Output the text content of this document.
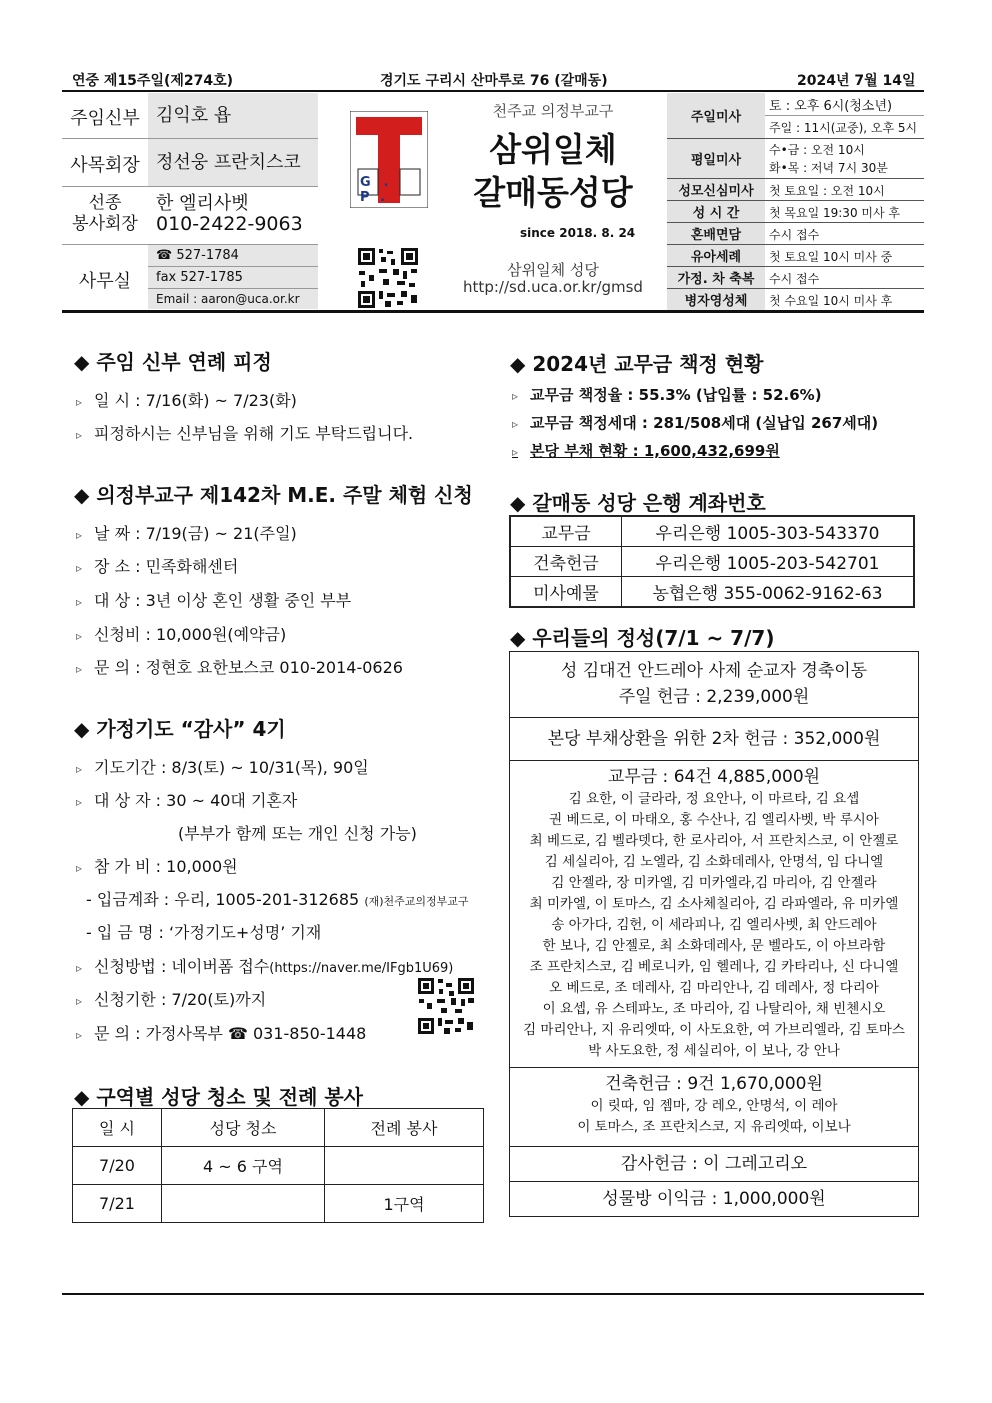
연중 제15주일(제274호)	경기도 구리시 산마루로 76 (갈매동)	2024년 7월 14일
주임신부 김익호 욥
사목회장 정선웅 프란치스코
선종
봉사회장
한 엘리사벳
010-2422-9063
사무실
☎ 527-1784
fax 527-1785
Email : aaron@uca.or.kr
G. P.
천주교 의정부교구
삼위일체
갈매동성당
since 2018. 8. 24
삼위일체 성당
http://sd.uca.or.kr/gmsd
주일미사
토 : 오후 6시(청소년)
주일 : 11시(교중), 오후 5시
평일미사
수•금 : 오전 10시
화•목 : 저녁 7시 30분
성모신심미사	첫 토요일 : 오전 10시
성 시 간	첫 목요일 19:30 미사 후
혼배면담	수시 접수
유아세례	첫 토요일 10시 미사 중
가정. 차 축복	수시 접수
병자영성체	첫 수요일 10시 미사 후
◆ 주임 신부 연례 피정
▹ 일 시 : 7/16(화) ~ 7/23(화)
▹ 피정하시는 신부님을 위해 기도 부탁드립니다.
◆ 의정부교구 제142차 M.E. 주말 체험 신청
▹ 날 짜 : 7/19(금) ~ 21(주일)
▹ 장 소 : 민족화해센터
▹ 대 상 : 3년 이상 혼인 생활 중인 부부
▹ 신청비 : 10,000원(예약금)
▹ 문 의 : 정현호 요한보스코 010-2014-0626
◆ 가정기도 “감사” 4기
▹ 기도기간 : 8/3(토) ~ 10/31(목), 90일
▹ 대 상 자 : 30 ~ 40대 기혼자
(부부가 함께 또는 개인 신청 가능)
▹ 참 가 비 : 10,000원
- 입금계좌 : 우리, 1005-201-312685 (재)천주교의정부교구
- 입 금 명 : ‘가정기도+성명’ 기재
▹ 신청방법 : 네이버폼 접수(https://naver.me/IFgb1U69)
▹ 신청기한 : 7/20(토)까지
▹ 문 의 : 가정사목부 ☎ 031-850-1448
◆ 구역별 성당 청소 및 전례 봉사
일 시	성당 청소	전례 봉사
7/20	4 ~ 6 구역	
7/21		1구역
◆ 2024년 교무금 책정 현황
▹ 교무금 책정율 : 55.3% (납입률 : 52.6%)
▹ 교무금 책정세대 : 281/508세대 (실납입 267세대)
▹ 본당 부채 현황 : 1,600,432,699원
◆ 갈매동 성당 은행 계좌번호
교무금	우리은행 1005-303-543370
건축헌금	우리은행 1005-203-542701
미사예물	농협은행 355-0062-9162-63
◆ 우리들의 정성(7/1 ~ 7/7)
성 김대건 안드레아 사제 순교자 경축이동
주일 헌금 : 2,239,000원
본당 부채상환을 위한 2차 헌금 : 352,000원
교무금 : 64건 4,885,000원
김 요한, 이 글라라, 정 요안나, 이 마르타, 김 요셉
권 베드로, 이 마태오, 홍 수산나, 김 엘리사벳, 박 루시아
최 베드로, 김 벨라뎃다, 한 로사리아, 서 프란치스코, 이 안젤로
김 세실리아, 김 노엘라, 김 소화데레사, 안명석, 임 다니엘
김 안젤라, 장 미카엘, 김 미카엘라,김 마리아, 김 안젤라
최 미카엘, 이 토마스, 김 소사체칠리아, 김 라파엘라, 유 미카엘
송 아가다, 김헌, 이 세라피나, 김 엘리사벳, 최 안드레아
한 보나, 김 안젤로, 최 소화데레사, 문 벨라도, 이 아브라함
조 프란치스코, 김 베로니카, 임 헬레나, 김 카타리나, 신 다니엘
오 베드로, 조 데레사, 김 마리안나, 김 데레사, 정 다리아
이 요셉, 유 스테파노, 조 마리아, 김 나탈리아, 채 빈첸시오
김 마리안나, 지 유리엣따, 이 사도요한, 여 가브리엘라, 김 토마스
박 사도요한, 정 세실리아, 이 보나, 강 안나
건축헌금 : 9건 1,670,000원
이 릿따, 임 젬마, 강 레오, 안명석, 이 레아
이 토마스, 조 프란치스코, 지 유리엣따, 이보나
감사헌금 : 이 그레고리오
성물방 이익금 : 1,000,000원
